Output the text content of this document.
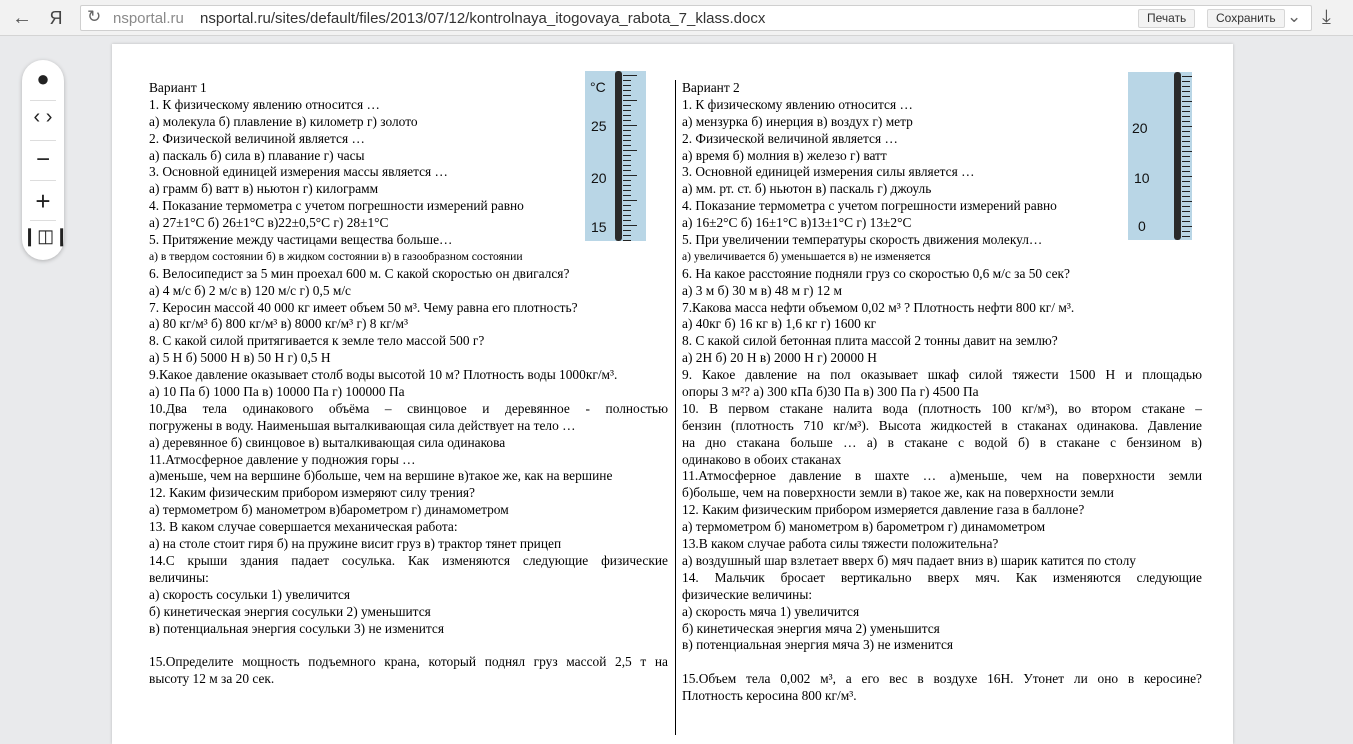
← Я	↻ nsportal.ru nsportal.ru/sites/default/files/2013/07/12/kontrolnaya_itogovaya_rabota_7_klass.docx	Печать	Сохранить ⌄ ⤓
●
‹ ›
−
+
❙◫❙
°C
25
20
15
20
10
0
Вариант 1
1. К физическому явлению относится …
а) молекула б) плавление в) километр г) золото
2. Физической величиной является …
а) паскаль б) сила в) плавание г) часы
3. Основной единицей измерения массы является …
а) грамм б) ватт в) ньютон г) килограмм
4. Показание термометра с учетом погрешности измерений равно
а) 27±1°С б) 26±1°С в)22±0,5°С г) 28±1°С
5. Притяжение между частицами вещества больше…
а) в твердом состоянии б) в жидком состоянии в) в газообразном состоянии
6. Велосипедист за 5 мин проехал 600 м. С какой скоростью он двигался?
а) 4 м/с б) 2 м/с в) 120 м/с г) 0,5 м/с
7. Керосин массой 40 000 кг имеет объем 50 м³. Чему равна его плотность?
а) 80 кг/м³ б) 800 кг/м³ в) 8000 кг/м³ г) 8 кг/м³
8. С какой силой притягивается к земле тело массой 500 г?
а) 5 Н б) 5000 Н в) 50 Н г) 0,5 Н
9.Какое давление оказывает столб воды высотой 10 м? Плотность воды 1000кг/м³.
а) 10 Па б) 1000 Па в) 10000 Па г) 100000 Па
10.Два тела одинакового объёма – свинцовое и деревянное - полностью
погружены в воду. Наименьшая выталкивающая сила действует на тело …
а) деревянное б) свинцовое в) выталкивающая сила одинакова
11.Атмосферное давление у подножия горы …
а)меньше, чем на вершине б)больше, чем на вершине в)такое же, как на вершине
12. Каким физическим прибором измеряют силу трения?
а) термометром б) манометром в)барометром г) динамометром
13. В каком случае совершается механическая работа:
а) на столе стоит гиря б) на пружине висит груз в) трактор тянет прицеп
14.С крыши здания падает сосулька. Как изменяются следующие физические
величины:
а) скорость сосульки 1) увеличится
б) кинетическая энергия сосульки 2) уменьшится
в) потенциальная энергия сосульки 3) не изменится
15.Определите мощность подъемного крана, который поднял груз массой 2,5 т на
высоту 12 м за 20 сек.
Вариант 2
1. К физическому явлению относится …
а) мензурка б) инерция в) воздух г) метр
2. Физической величиной является …
а) время б) молния в) железо г) ватт
3. Основной единицей измерения силы является …
а) мм. рт. ст. б) ньютон в) паскаль г) джоуль
4. Показание термометра с учетом погрешности измерений равно
а) 16±2°С б) 16±1°С в)13±1°С г) 13±2°С
5. При увеличении температуры скорость движения молекул…
а) увеличивается б) уменьшается в) не изменяется
6. На какое расстояние подняли груз со скоростью 0,6 м/с за 50 сек?
а) 3 м б) 30 м в) 48 м г) 12 м
7.Какова масса нефти объемом 0,02 м³ ? Плотность нефти 800 кг/ м³.
а) 40кг б) 16 кг в) 1,6 кг г) 1600 кг
8. С какой силой бетонная плита массой 2 тонны давит на землю?
а) 2Н б) 20 Н в) 2000 Н г) 20000 Н
9. Какое давление на пол оказывает шкаф силой тяжести 1500 Н и площадью
опоры 3 м²? а) 300 кПа б)30 Па в) 300 Па г) 4500 Па
10. В первом стакане налита вода (плотность 100 кг/м³), во втором стакане –
бензин (плотность 710 кг/м³). Высота жидкостей в стаканах одинакова. Давление
на дно стакана больше … а) в стакане с водой б) в стакане с бензином в)
одинаково в обоих стаканах
11.Атмосферное давление в шахте … а)меньше, чем на поверхности земли
б)больше, чем на поверхности земли в) такое же, как на поверхности земли
12. Каким физическим прибором измеряется давление газа в баллоне?
а) термометром б) манометром в) барометром г) динамометром
13.В каком случае работа силы тяжести положительна?
а) воздушный шар взлетает вверх б) мяч падает вниз в) шарик катится по столу
14. Мальчик бросает вертикально вверх мяч. Как изменяются следующие
физические величины:
а) скорость мяча 1) увеличится
б) кинетическая энергия мяча 2) уменьшится
в) потенциальная энергия мяча 3) не изменится
15.Объем тела 0,002 м³, а его вес в воздухе 16Н. Утонет ли оно в керосине?
Плотность керосина 800 кг/м³.
